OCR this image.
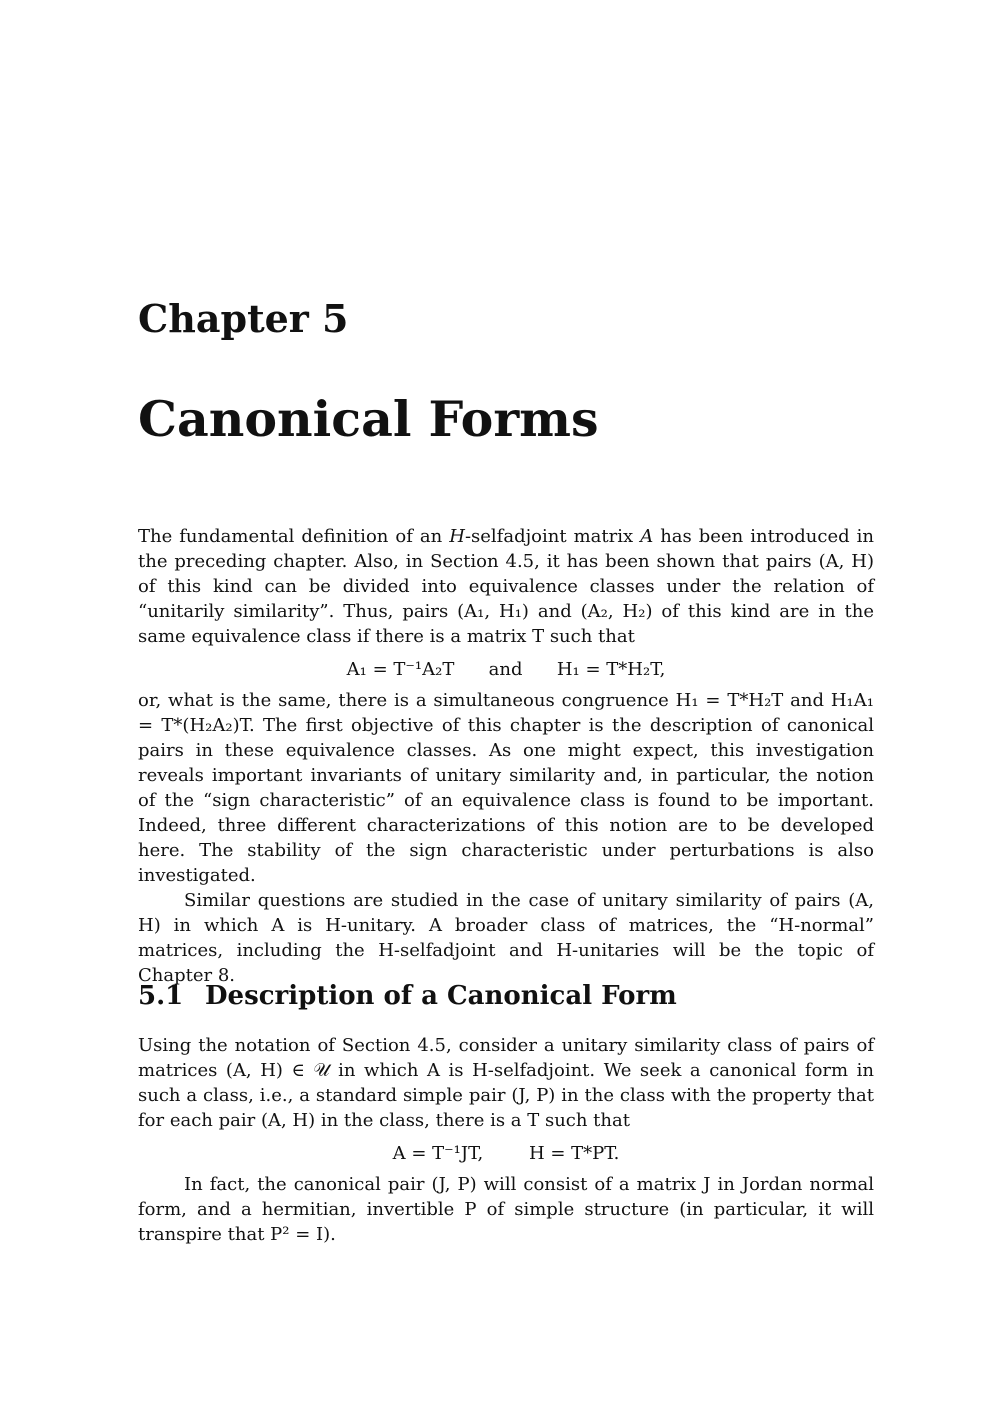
Chapter 5
Canonical Forms

The fundamental definition of an H-selfadjoint matrix A has been introduced in the preceding chapter. Also, in Section 4.5, it has been shown that pairs (A, H) of this kind can be divided into equivalence classes under the relation of “unitarily similarity”. Thus, pairs (A₁, H₁) and (A₂, H₂) of this kind are in the same equivalence class if there is a matrix T such that

A₁ = T⁻¹A₂T      and      H₁ = T*H₂T,

or, what is the same, there is a simultaneous congruence H₁ = T*H₂T and H₁A₁ = T*(H₂A₂)T. The first objective of this chapter is the description of canonical pairs in these equivalence classes. As one might expect, this investigation reveals important invariants of unitary similarity and, in particular, the notion of the “sign characteristic” of an equivalence class is found to be important. Indeed, three different characterizations of this notion are to be developed here. The stability of the sign characteristic under perturbations is also investigated.

Similar questions are studied in the case of unitary similarity of pairs (A, H) in which A is H-unitary. A broader class of matrices, the “H-normal” matrices, including the H-selfadjoint and H-unitaries will be the topic of Chapter 8.

5.1 Description of a Canonical Form

Using the notation of Section 4.5, consider a unitary similarity class of pairs of matrices (A, H) ∈ 𝒰 in which A is H-selfadjoint. We seek a canonical form in such a class, i.e., a standard simple pair (J, P) in the class with the property that for each pair (A, H) in the class, there is a T such that

A = T⁻¹JT,        H = T*PT.

In fact, the canonical pair (J, P) will consist of a matrix J in Jordan normal form, and a hermitian, invertible P of simple structure (in particular, it will transpire that P² = I).
